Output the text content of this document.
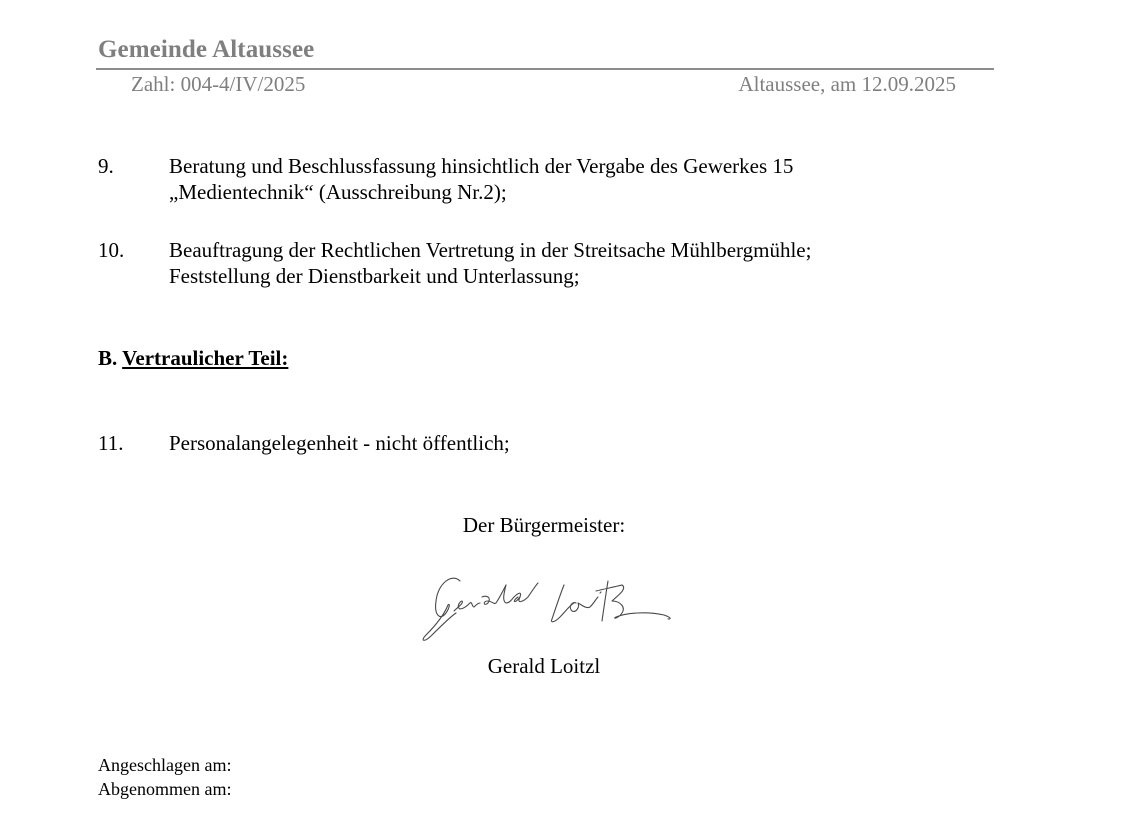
Gemeinde Altaussee
Zahl: 004-4/IV/2025	Altaussee, am 12.09.2025
9.	Beratung und Beschlussfassung hinsichtlich der Vergabe des Gewerkes 15
„Medientechnik“ (Ausschreibung Nr.2);
10. Beauftragung der Rechtlichen Vertretung in der Streitsache Mühlbergmühle;
Feststellung der Dienstbarkeit und Unterlassung;
B. Vertraulicher Teil:
11. Personalangelegenheit - nicht öffentlich;
Der Bürgermeister:
Gerald Loitzl
Angeschlagen am:
Abgenommen am:
